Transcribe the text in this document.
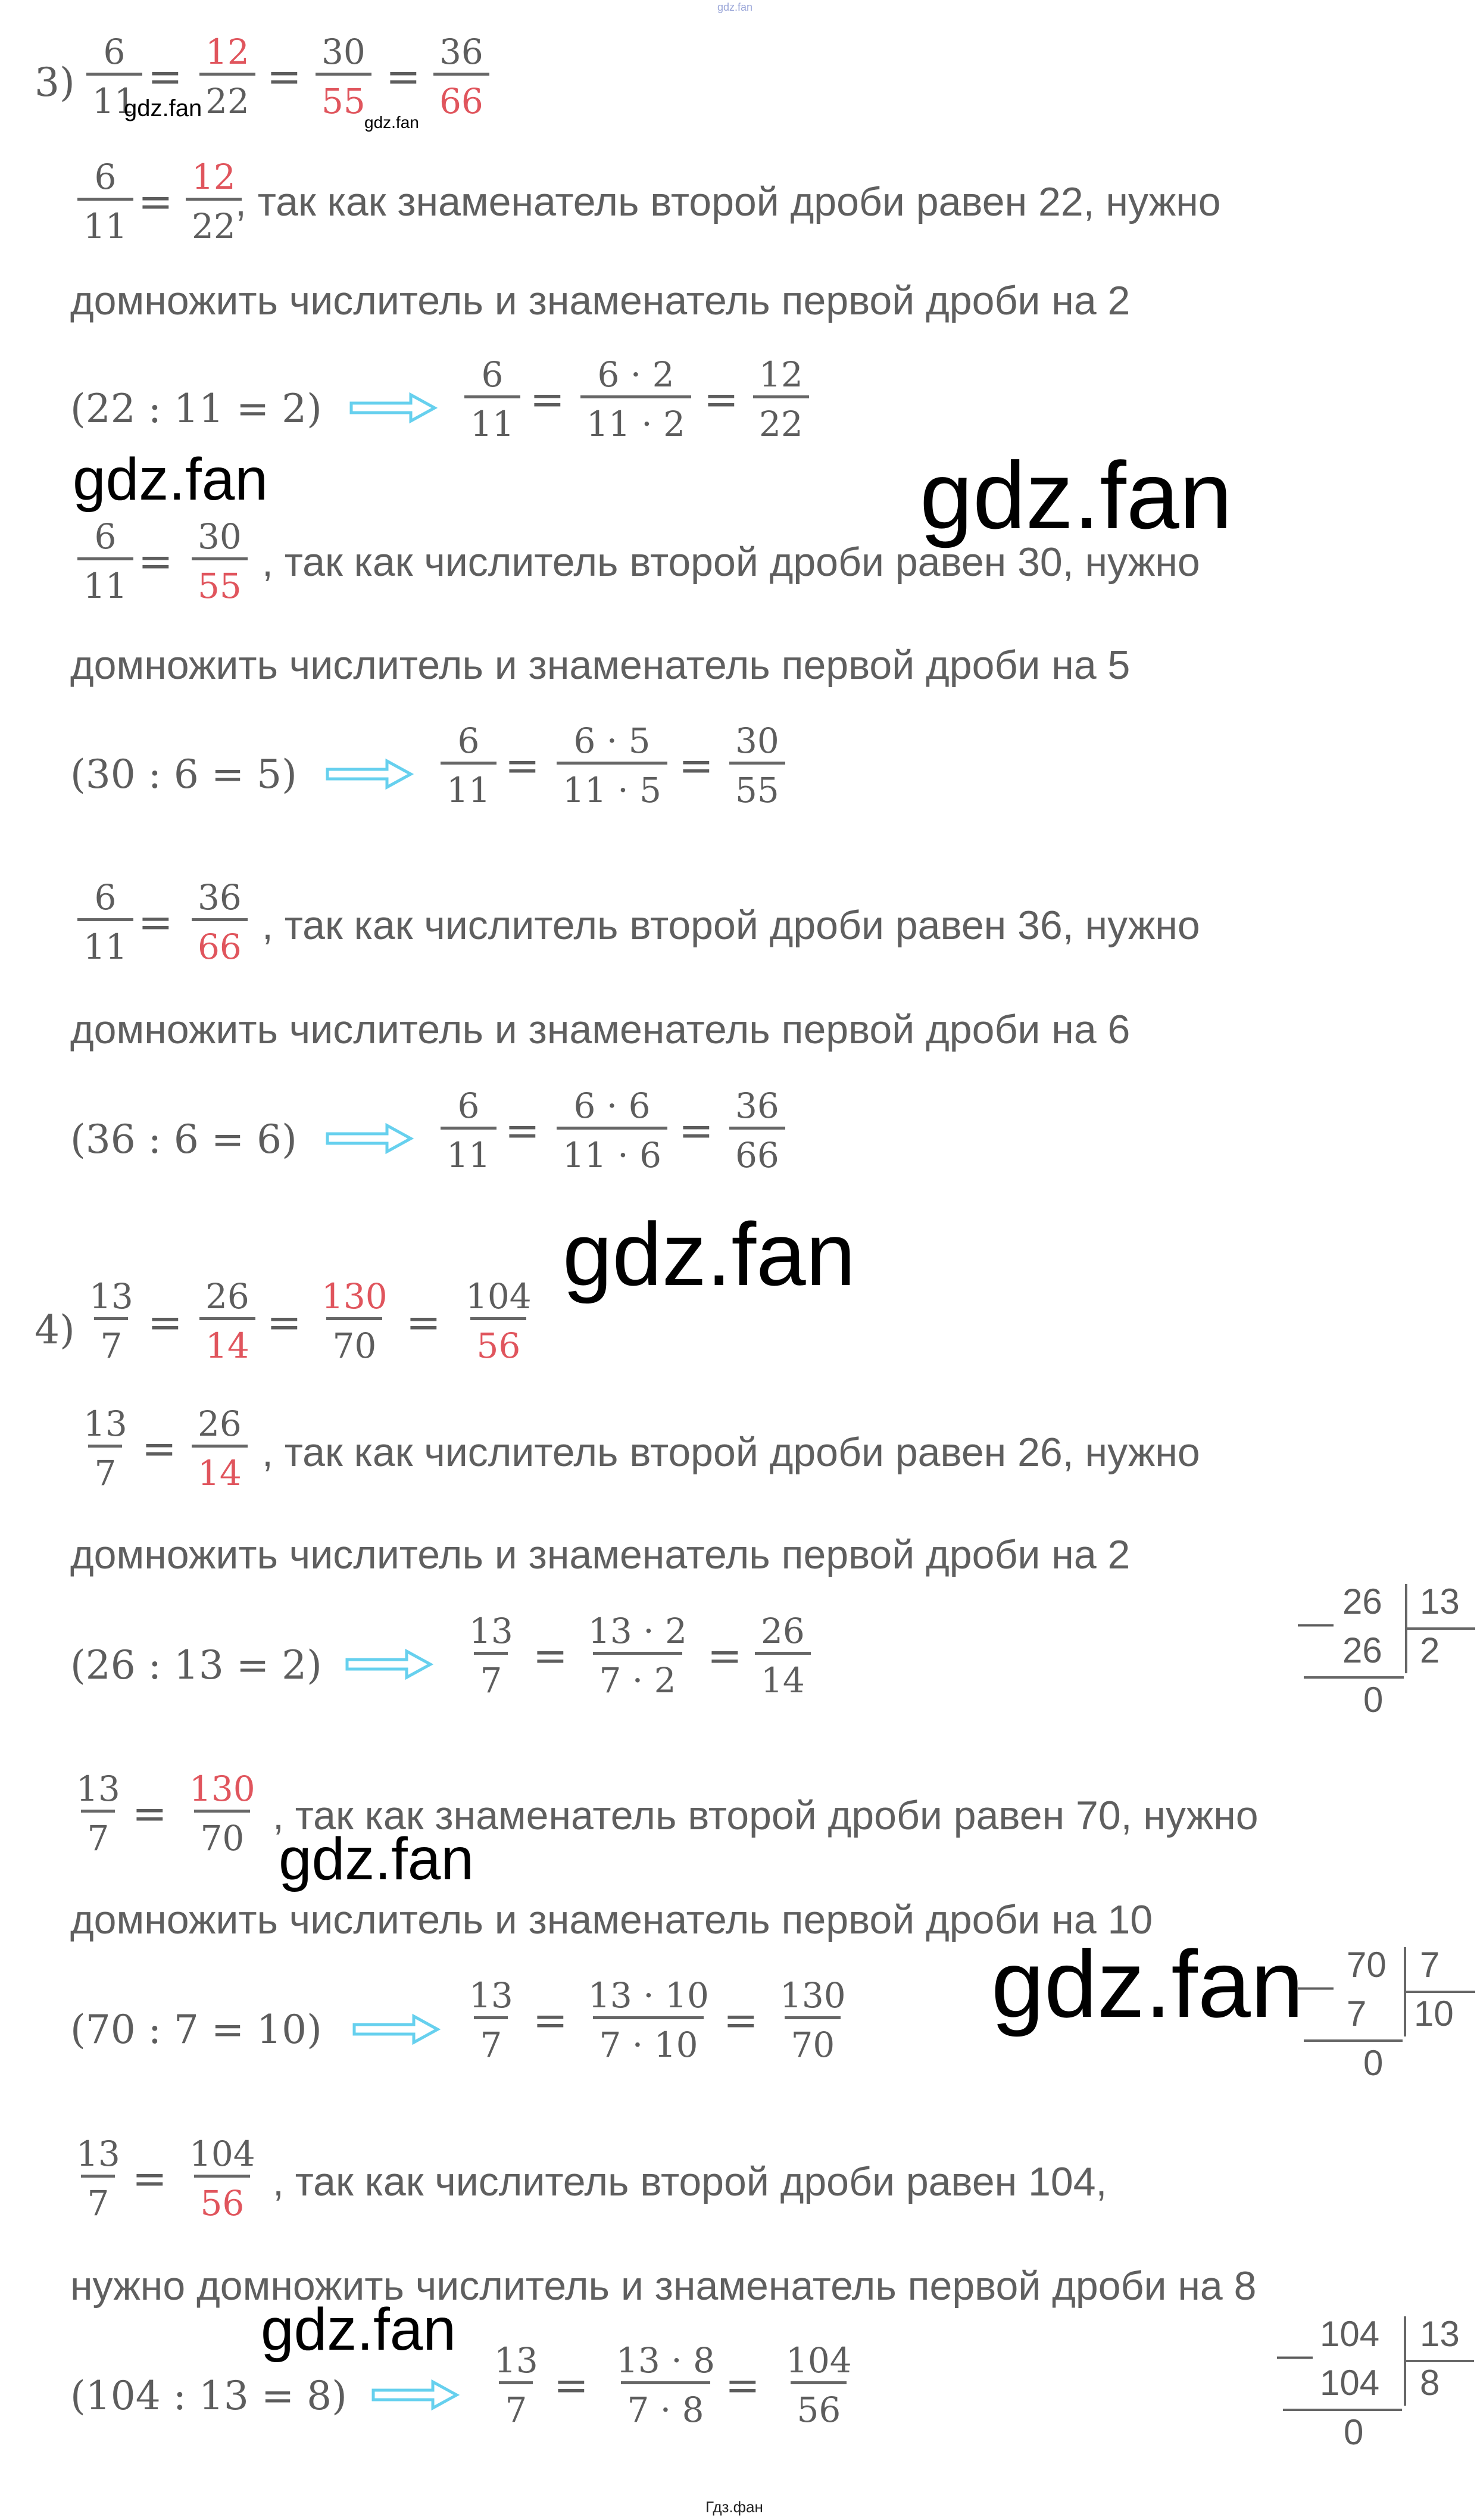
gdz.fan
$3) \frac{6}{11} = \frac{12}{22} = \frac{30}{55} = \frac{36}{66}$
$\frac{6}{11} = \frac{12}{22}$
, так как знаменатель второй дроби равен 22, нужно
домножить числитель и знаменатель первой дроби на 2
(22 : 11 = 2)	$\frac{6}{11} = \frac{6 \cdot 2}{11 \cdot 2} = \frac{12}{22}$
$\frac{6}{11} = \frac{30}{55}$ , так как числитель второй дроби равен 30, нужно
домножить числитель и знаменатель первой дроби на 5
(30 : 6 = 5)	$\frac{6}{11} = \frac{6 \cdot 5}{11 \cdot 5} = \frac{30}{55}$
$\frac{6}{11} = \frac{36}{66}$ , так как числитель второй дроби равен 36, нужно
домножить числитель и знаменатель первой дроби на 6
(36 : 6 = 6)	$\frac{6}{11} = \frac{6 \cdot 6}{11 \cdot 6} = \frac{36}{66}$
$4) \frac{13}{7} = \frac{26}{14} = \frac{130}{70} = \frac{104}{56}$
$\frac{13}{7} = \frac{26}{14}$ , так как числитель второй дроби равен 26, нужно
домножить числитель и знаменатель первой дроби на 2
(26 : 13 = 2)	$\frac{13}{7} = \frac{13 \cdot 2}{7 \cdot 2} = \frac{26}{14}$	—
26 13
26 2
0
$\frac{13}{7} = \frac{130}{70}$ , так как знаменатель второй дроби равен 70, нужно
домножить числитель и знаменатель первой дроби на 10
(70 : 7 = 10)	$\frac{13}{7} = \frac{13 \cdot 10}{7 \cdot 10} = \frac{130}{70}$	—
70 7
7 10
0
$\frac{13}{7} = \frac{104}{56}$ , так как числитель второй дроби равен 104,
нужно домножить числитель и знаменатель первой дроби на 8
(104 : 13 = 8)	$\frac{13}{7} = \frac{13 \cdot 8}{7 \cdot 8} = \frac{104}{56}$	—
104 13
104 8
0
gdz.fan
gdz.fan
gdz.fan	gdz.fan
gdz.fan
gdz.fan
gdz.fan
gdz.fan
Гдз.фан
